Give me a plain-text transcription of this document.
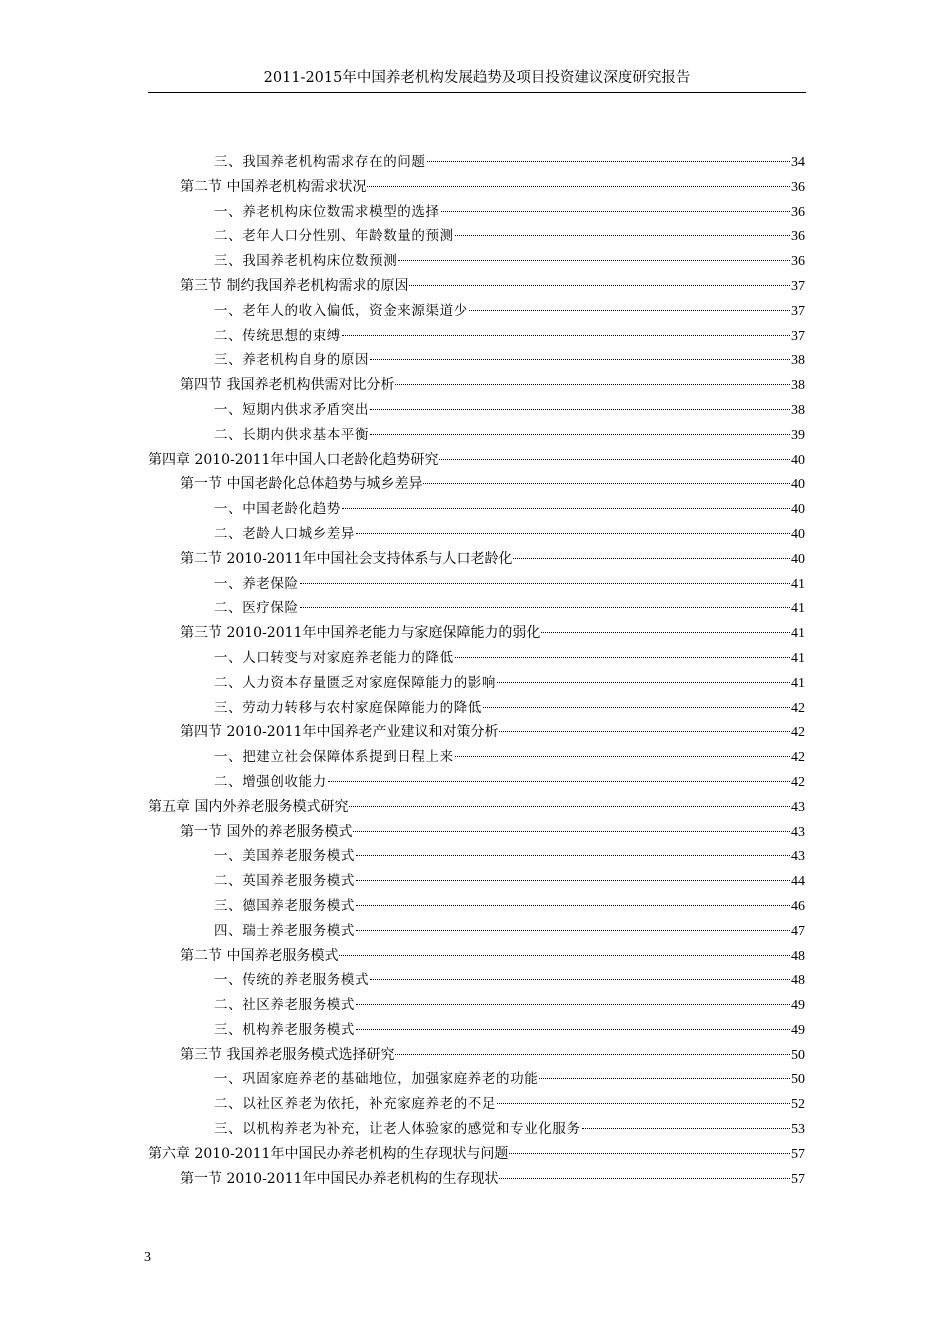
2011-2015年中国养老机构发展趋势及项目投资建议深度研究报告
三、我国养老机构需求存在的问题	34
第二节 中国养老机构需求状况	36
一、养老机构床位数需求模型的选择	36
二、老年人口分性别、年龄数量的预测	36
三、我国养老机构床位数预测	36
第三节 制约我国养老机构需求的原因	37
一、老年人的收入偏低，资金来源渠道少	37
二、传统思想的束缚	37
三、养老机构自身的原因	38
第四节 我国养老机构供需对比分析	38
一、短期内供求矛盾突出	38
二、长期内供求基本平衡	39
第四章 2010-2011年中国人口老龄化趋势研究	40
第一节 中国老龄化总体趋势与城乡差异	40
一、中国老龄化趋势	40
二、老龄人口城乡差异	40
第二节 2010-2011年中国社会支持体系与人口老龄化	40
一、养老保险	41
二、医疗保险	41
第三节 2010-2011年中国养老能力与家庭保障能力的弱化	41
一、人口转变与对家庭养老能力的降低	41
二、人力资本存量匮乏对家庭保障能力的影响	41
三、劳动力转移与农村家庭保障能力的降低	42
第四节 2010-2011年中国养老产业建议和对策分析	42
一、把建立社会保障体系提到日程上来	42
二、增强创收能力	42
第五章 国内外养老服务模式研究	43
第一节 国外的养老服务模式	43
一、美国养老服务模式	43
二、英国养老服务模式	44
三、德国养老服务模式	46
四、瑞士养老服务模式	47
第二节 中国养老服务模式	48
一、传统的养老服务模式	48
二、社区养老服务模式	49
三、机构养老服务模式	49
第三节 我国养老服务模式选择研究	50
一、巩固家庭养老的基础地位，加强家庭养老的功能	50
二、以社区养老为依托，补充家庭养老的不足	52
三、以机构养老为补充，让老人体验家的感觉和专业化服务	53
第六章 2010-2011年中国民办养老机构的生存现状与问题	57
第一节 2010-2011年中国民办养老机构的生存现状	57
3
